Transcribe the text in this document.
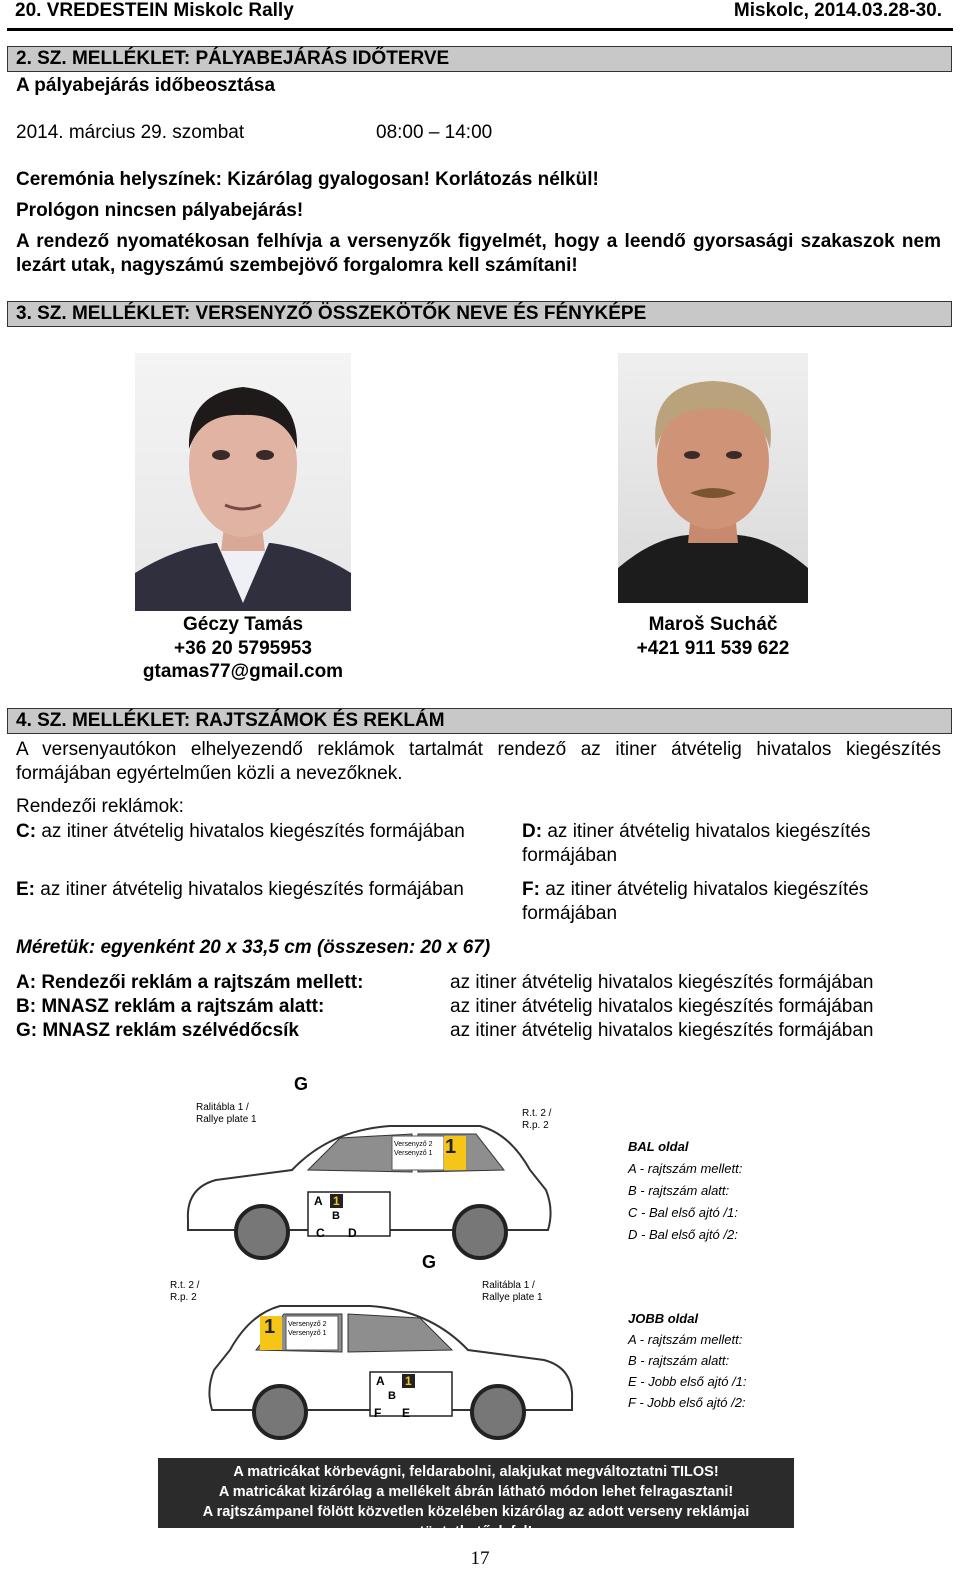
20. VREDESTEIN Miskolc Rally	Miskolc, 2014.03.28-30.
2. SZ. MELLÉKLET: PÁLYABEJÁRÁS IDŐTERVE
A pályabejárás időbeosztása
2014. március 29. szombat	08:00 – 14:00
Ceremónia helyszínek: Kizárólag gyalogosan! Korlátozás nélkül!
Prológon nincsen pályabejárás!
A rendező nyomatékosan felhívja a versenyzők figyelmét, hogy a leendő gyorsasági szakaszok nem lezárt utak, nagyszámú szembejövő forgalomra kell számítani!
3. SZ. MELLÉKLET: VERSENYZŐ ÖSSZEKÖTŐK NEVE ÉS FÉNYKÉPE
Géczy Tamás
+36 20 5795953
gtamas77@gmail.com
Maroš Sucháč
+421 911 539 622
4. SZ. MELLÉKLET: RAJTSZÁMOK ÉS REKLÁM
A versenyautókon elhelyezendő reklámok tartalmát rendező az itiner átvételig hivatalos kiegészítés formájában egyértelműen közli a nevezőknek.
Rendezői reklámok:
C: az itiner átvételig hivatalos kiegészítés formájában	D: az itiner átvételig hivatalos kiegészítés formájában
E: az itiner átvételig hivatalos kiegészítés formájában	F: az itiner átvételig hivatalos kiegészítés formájában
Méretük: egyenként 20 x 33,5 cm (összesen: 20 x 67)
A: Rendezői reklám a rajtszám mellett:	az itiner átvételig hivatalos kiegészítés formájában
B: MNASZ reklám a rajtszám alatt:	az itiner átvételig hivatalos kiegészítés formájában
G: MNASZ reklám szélvédőcsík	az itiner átvételig hivatalos kiegészítés formájában
G
G
Ralitábla 1 / Rallye plate 1
R.t. 2 / R.p. 2
R.t. 2 / R.p. 2
Ralitábla 1 / Rallye plate 1
A 1
B
C D
1
Versenyző 2
Versenyző 1
A 1
B
F E
1 Versenyző 2
Versenyző 1
BAL oldal
A - rajtszám mellett:
B - rajtszám alatt:
C - Bal első ajtó /1:
D - Bal első ajtó /2:
JOBB oldal
A - rajtszám mellett:
B - rajtszám alatt:
E - Jobb első ajtó /1:
F - Jobb első ajtó /2:
A matricákat körbevágni, feldarabolni, alakjukat megváltoztatni TILOS!
A matricákat kizárólag a mellékelt ábrán látható módon lehet felragasztani!
A rajtszámpanel fölött közvetlen közelében kizárólag az adott verseny reklámjai tüntethetőek fel!
17
